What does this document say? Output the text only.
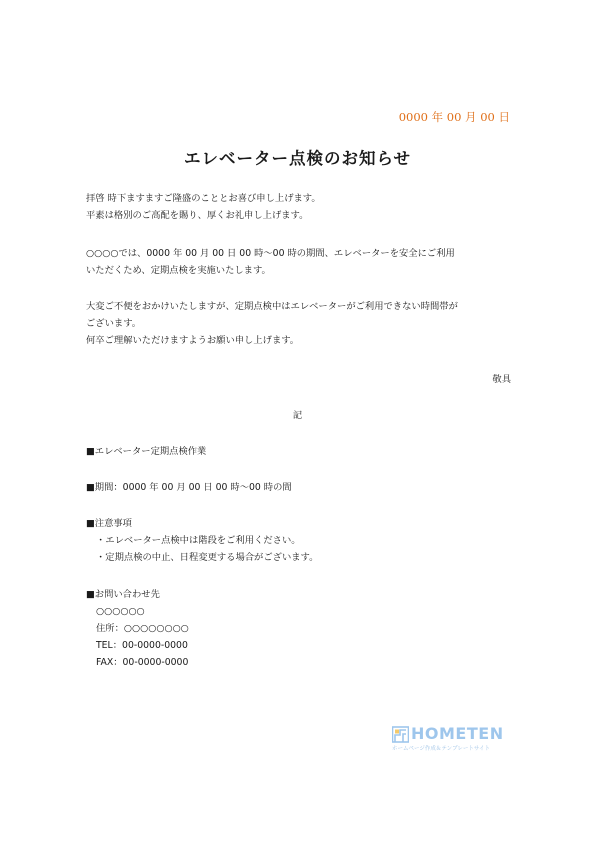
0000 年 00 月 00 日
エレベーター点検のお知らせ
拝啓 時下ますますご隆盛のこととお喜び申し上げます。
平素は格別のご高配を賜り、厚くお礼申し上げます。
○○○○では、0000 年 00 月 00 日 00 時〜00 時の期間、エレベーターを安全にご利用
いただくため、定期点検を実施いたします。
大変ご不便をおかけいたしますが、定期点検中はエレベーターがご利用できない時間帯が
ございます。
何卒ご理解いただけますようお願い申し上げます。
敬具
記
■エレベーター定期点検作業
■期間：0000 年 00 月 00 日 00 時〜00 時の間
■注意事項
・エレベーター点検中は階段をご利用ください。
・定期点検の中止、日程変更する場合がございます。
■お問い合わせ先
○○○○○○
住所：○○○○○○○○
TEL：00-0000-0000
FAX：00-0000-0000
HOMETEN
ホームページ作成＆テンプレートサイト
